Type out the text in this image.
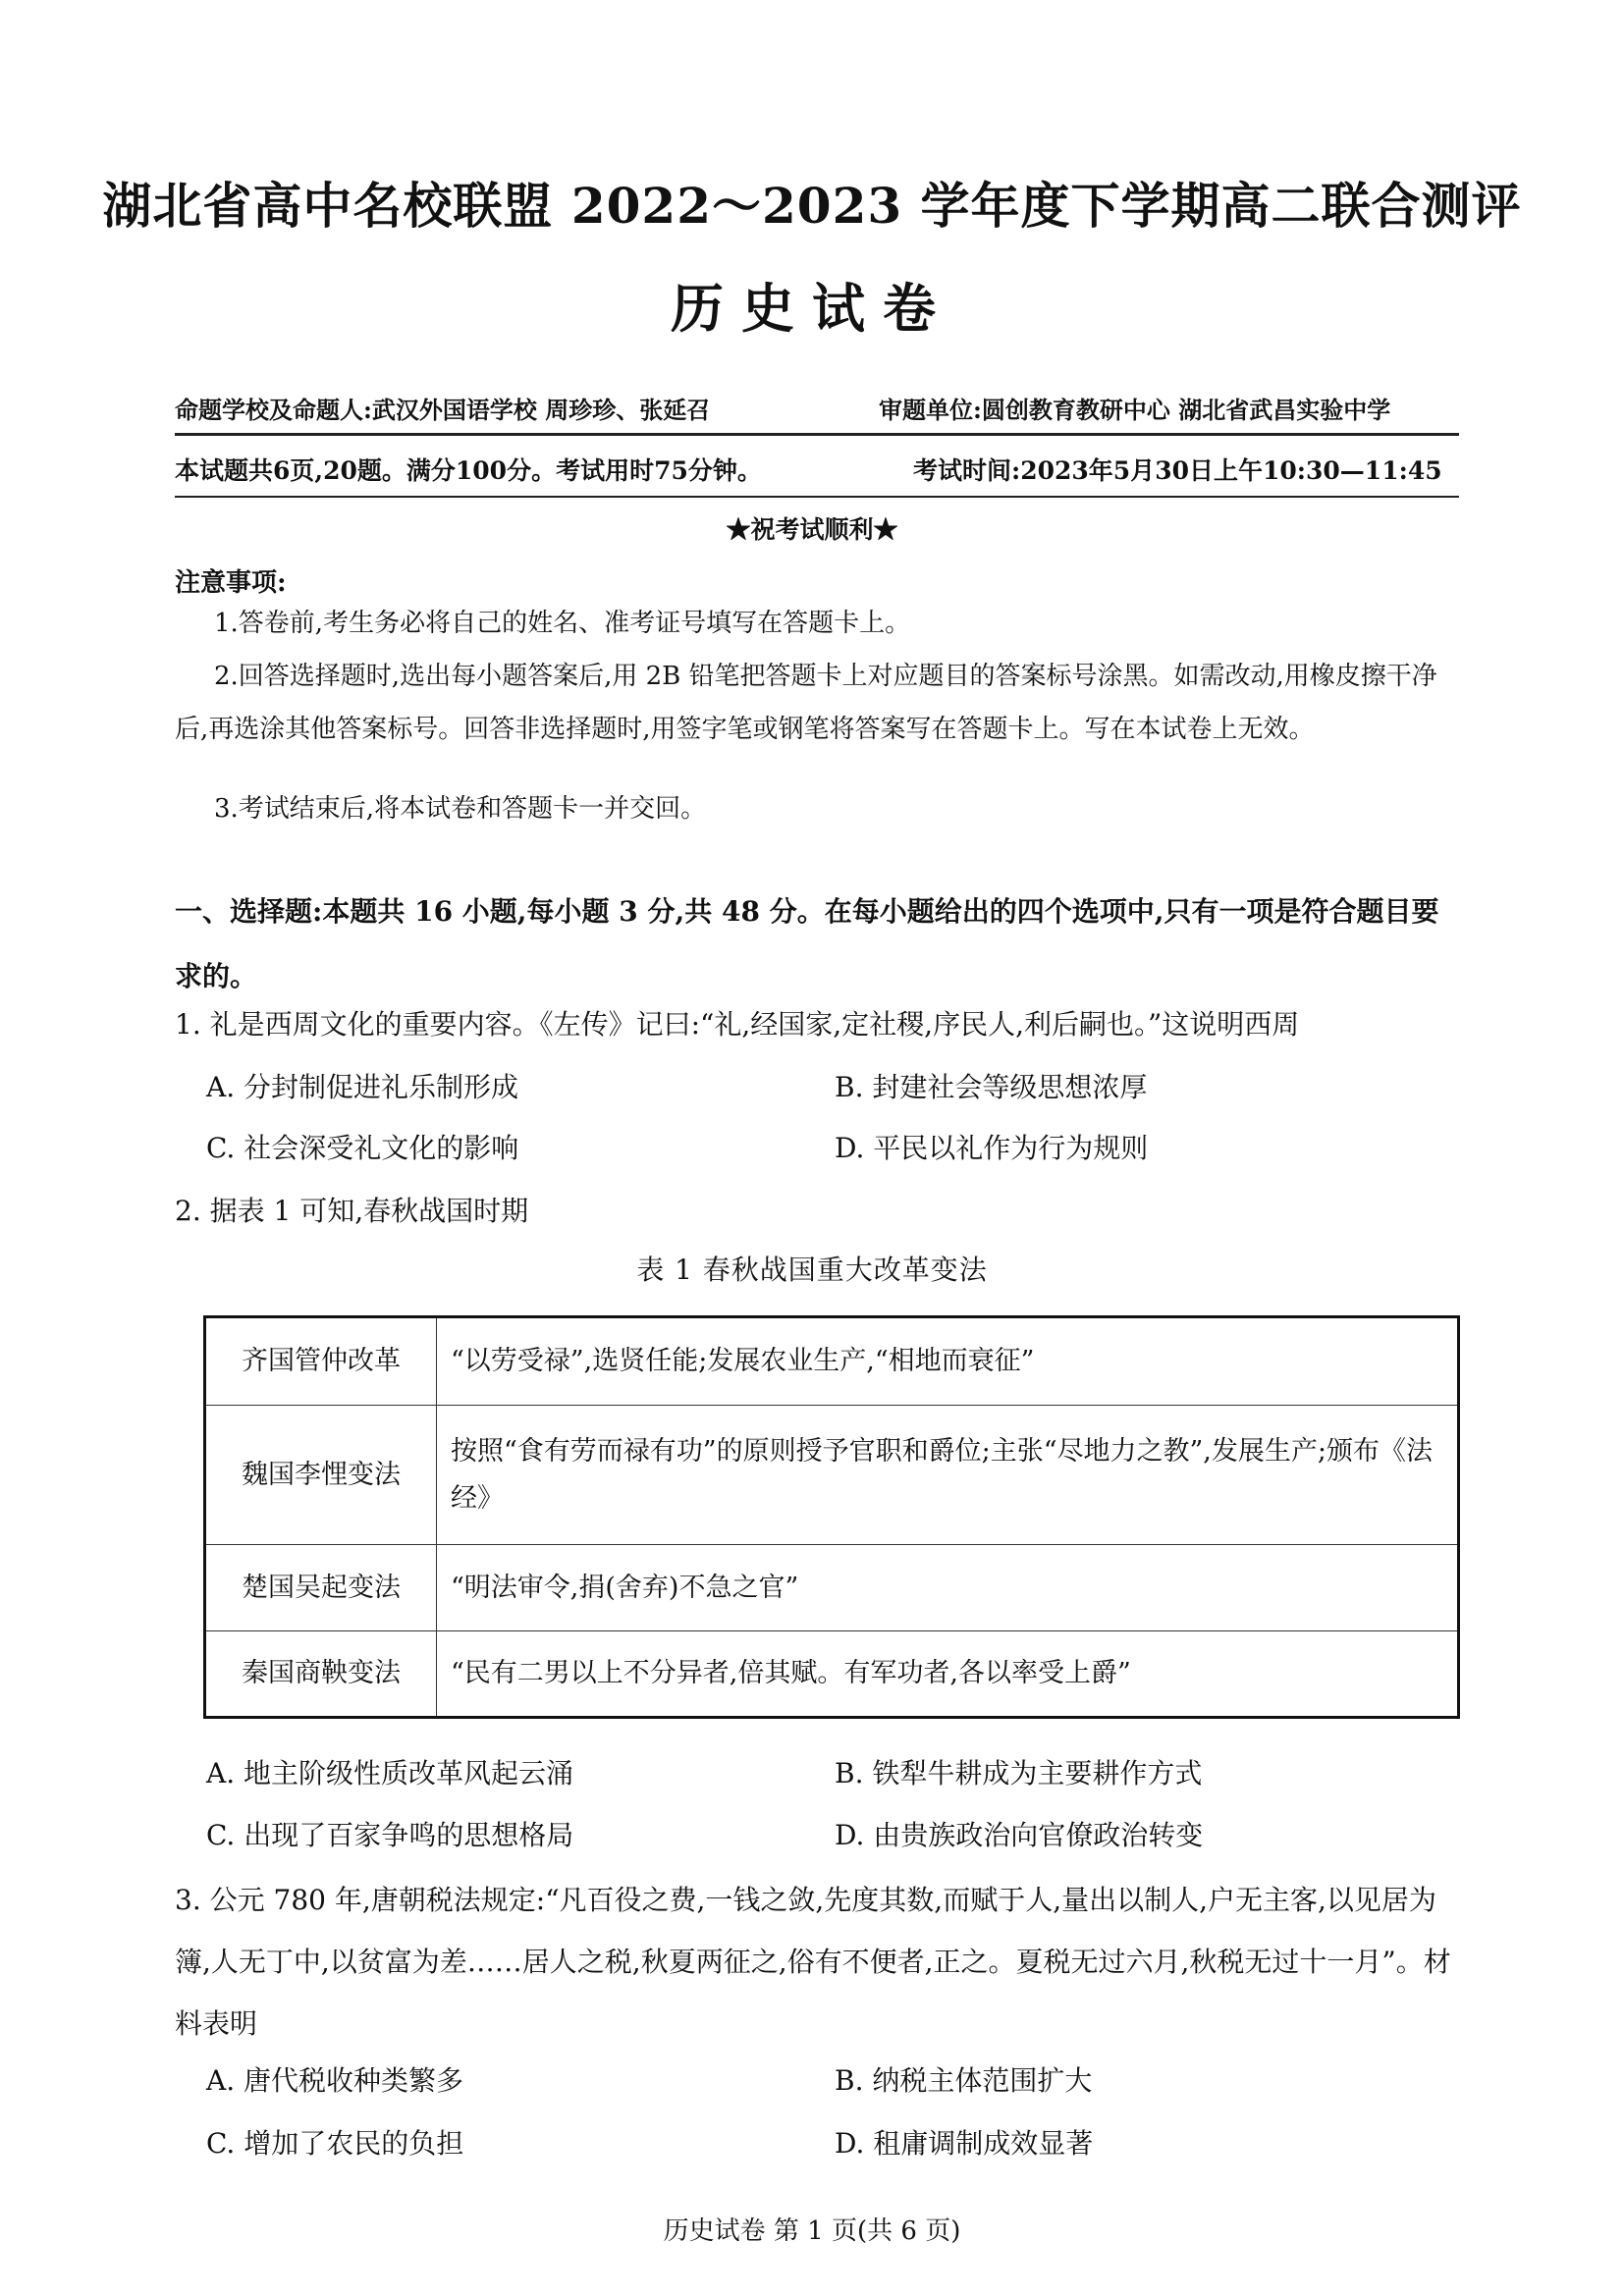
湖北省高中名校联盟 2022～2023 学年度下学期高二联合测评
历史试卷
命题学校及命题人:武汉外国语学校 周珍珍、张延召	审题单位:圆创教育教研中心 湖北省武昌实验中学
本试题共6页,20题。满分100分。考试用时75分钟。	考试时间:2023年5月30日上午10:30—11:45
★祝考试顺利★
注意事项:
1.答卷前,考生务必将自己的姓名、准考证号填写在答题卡上。
2.回答选择题时,选出每小题答案后,用 2B 铅笔把答题卡上对应题目的答案标号涂黑。如需改动,用橡皮擦干净后,再选涂其他答案标号。回答非选择题时,用签字笔或钢笔将答案写在答题卡上。写在本试卷上无效。
3.考试结束后,将本试卷和答题卡一并交回。
一、选择题:本题共 16 小题,每小题 3 分,共 48 分。在每小题给出的四个选项中,只有一项是符合题目要求的。
1. 礼是西周文化的重要内容。《左传》记曰:“礼,经国家,定社稷,序民人,利后嗣也。”这说明西周
A. 分封制促进礼乐制形成	B. 封建社会等级思想浓厚
C. 社会深受礼文化的影响	D. 平民以礼作为行为规则
2. 据表 1 可知,春秋战国时期
表 1 春秋战国重大改革变法
齐国管仲改革	“以劳受禄”,选贤任能;发展农业生产,“相地而衰征”
魏国李悝变法	按照“食有劳而禄有功”的原则授予官职和爵位;主张“尽地力之教”,发展生产;颁布《法经》
楚国吴起变法	“明法审令,捐(舍弃)不急之官”
秦国商鞅变法	“民有二男以上不分异者,倍其赋。有军功者,各以率受上爵”
A. 地主阶级性质改革风起云涌	B. 铁犁牛耕成为主要耕作方式
C. 出现了百家争鸣的思想格局	D. 由贵族政治向官僚政治转变
3. 公元 780 年,唐朝税法规定:“凡百役之费,一钱之敛,先度其数,而赋于人,量出以制人,户无主客,以见居为簿,人无丁中,以贫富为差……居人之税,秋夏两征之,俗有不便者,正之。夏税无过六月,秋税无过十一月”。材料表明
A. 唐代税收种类繁多	B. 纳税主体范围扩大
C. 增加了农民的负担	D. 租庸调制成效显著
历史试卷 第 1 页(共 6 页)
